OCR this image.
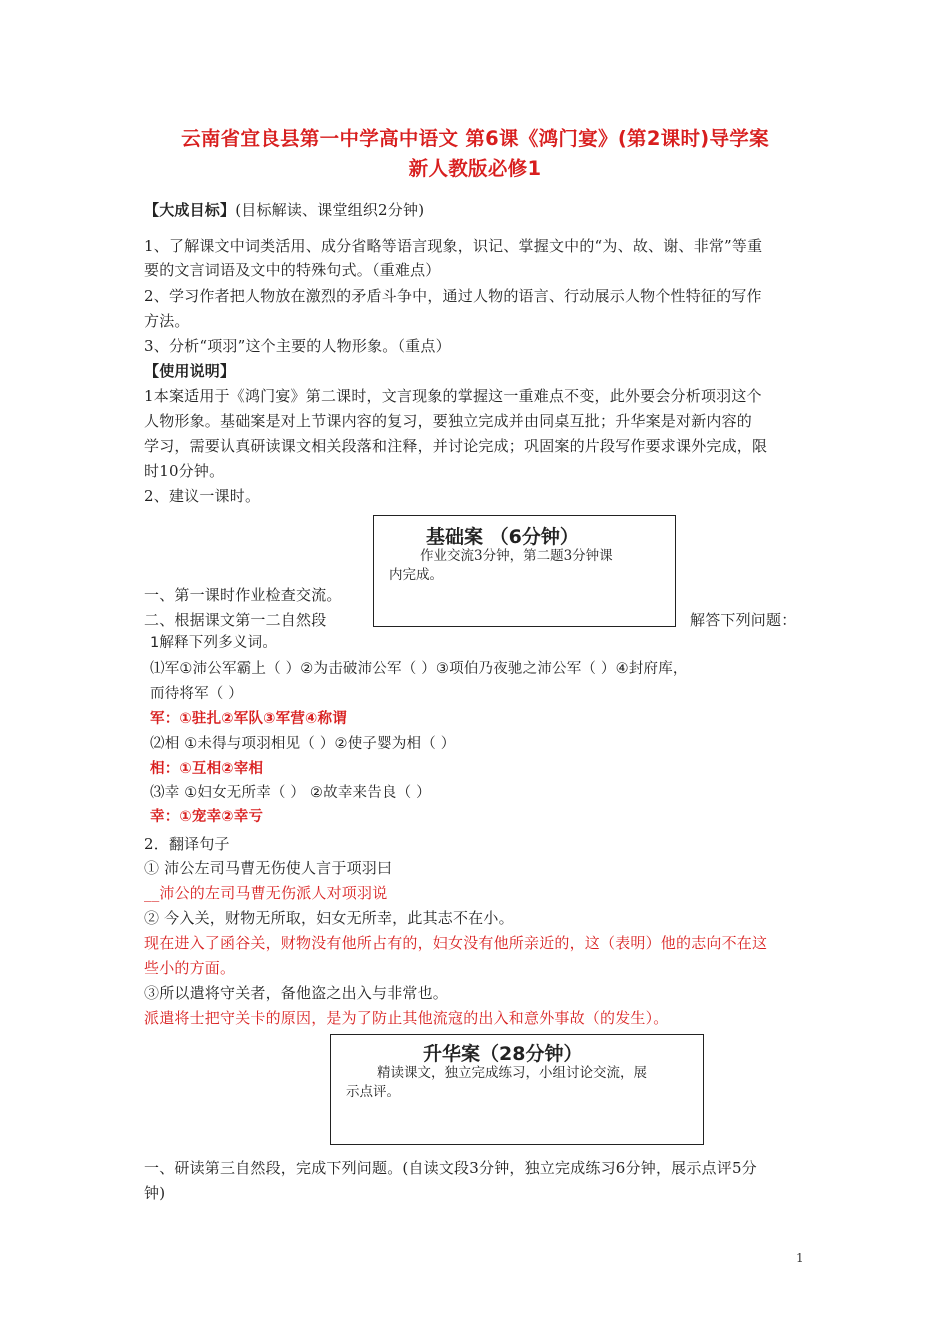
云南省宜良县第一中学高中语文 第6课《鸿门宴》(第2课时)导学案
新人教版必修1
【大成目标】(目标解读、课堂组织2分钟)
1、了解课文中词类活用、成分省略等语言现象，识记、掌握文中的“为、故、谢、非常”等重
要的文言词语及文中的特殊句式。（重难点）
2、学习作者把人物放在激烈的矛盾斗争中，通过人物的语言、行动展示人物个性特征的写作
方法。
3、分析“项羽”这个主要的人物形象。（重点）
【使用说明】
1本案适用于《鸿门宴》第二课时，文言现象的掌握这一重难点不变，此外要会分析项羽这个
人物形象。基础案是对上节课内容的复习，要独立完成并由同桌互批；升华案是对新内容的
学习，需要认真研读课文相关段落和注释，并讨论完成；巩固案的片段写作要求课外完成，限
时10分钟。
2、建议一课时。
基础案 （6分钟）
作业交流3分钟，第二题3分钟课
内完成。
一、第一课时作业检查交流。
二、根据课文第一二自然段	解答下列问题：
1解释下列多义词。
⑴军①沛公军霸上（ ）②为击破沛公军（ ）③项伯乃夜驰之沛公军（ ）④封府库，
而待将军（ ）
军：①驻扎②军队③军营④称谓
⑵相 ①未得与项羽相见（ ）②使子婴为相（ ）
相：①互相②宰相
⑶幸 ①妇女无所幸（ ） ②故幸来告良（ ）
幸：①宠幸②幸亏
2．翻译句子
① 沛公左司马曹无伤使人言于项羽曰
__沛公的左司马曹无伤派人对项羽说
② 今入关，财物无所取，妇女无所幸，此其志不在小。
现在进入了函谷关，财物没有他所占有的，妇女没有他所亲近的，这（表明）他的志向不在这
些小的方面。
③所以遣将守关者，备他盗之出入与非常也。
派遣将士把守关卡的原因，是为了防止其他流寇的出入和意外事故（的发生）。
升华案（28分钟）
精读课文，独立完成练习，小组讨论交流，展
示点评。
一、研读第三自然段，完成下列问题。(自读文段3分钟，独立完成练习6分钟，展示点评5分
钟)
1
